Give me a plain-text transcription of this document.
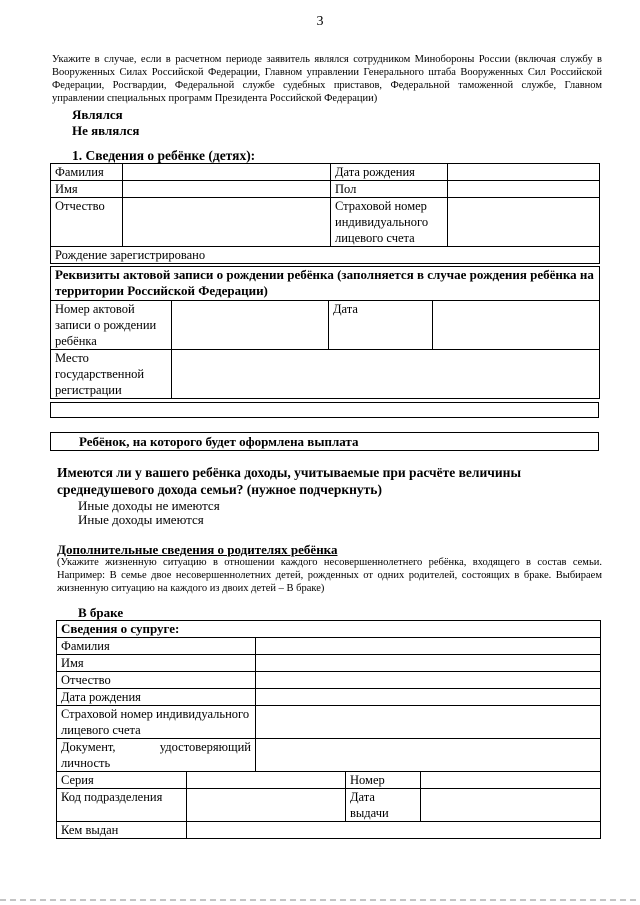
3
Укажите в случае, если в расчетном периоде заявитель являлся сотрудником Минобороны России (включая службу в Вооруженных Силах Российской Федерации, Главном управлении Генерального штаба Вооруженных Сил Российской Федерации, Росгвардии, Федеральной службе судебных приставов, Федеральной таможенной службе, Главном управлении специальных программ Президента Российской Федерации)
Являлся
Не являлся
1. Сведения о ребёнке (детях):
Фамилия		Дата рождения	
Имя		Пол	
Отчество		Страховой номер индивидуального лицевого счета	
Рождение зарегистрировано			
Реквизиты актовой записи о рождении ребёнка (заполняется в случае рождения ребёнка на территории Российской Федерации)			
Номер актовой записи о рождении ребёнка		Дата	
Место государственной регистрации			
Ребёнок, на которого будет оформлена выплата
Имеются ли у вашего ребёнка доходы, учитываемые при расчёте величины среднедушевого дохода семьи? (нужное подчеркнуть)
Иные доходы не имеются
Иные доходы имеются
Дополнительные сведения о родителях ребёнка
(Укажите жизненную ситуацию в отношении каждого несовершеннолетнего ребёнка, входящего в состав семьи. Например: В семье двое несовершеннолетних детей, рожденных от одних родителей, состоящих в браке. Выбираем жизненную ситуацию на каждого из двоих детей – В браке)
В браке
Сведения о супруге:				
Фамилия				
Имя				
Отчество				
Дата рождения				
Страховой номер индивидуального лицевого счета				
Документ, удостоверяющий личность				
Серия			Номер	
Код подразделения			Дата выдачи	
Кем выдан				
